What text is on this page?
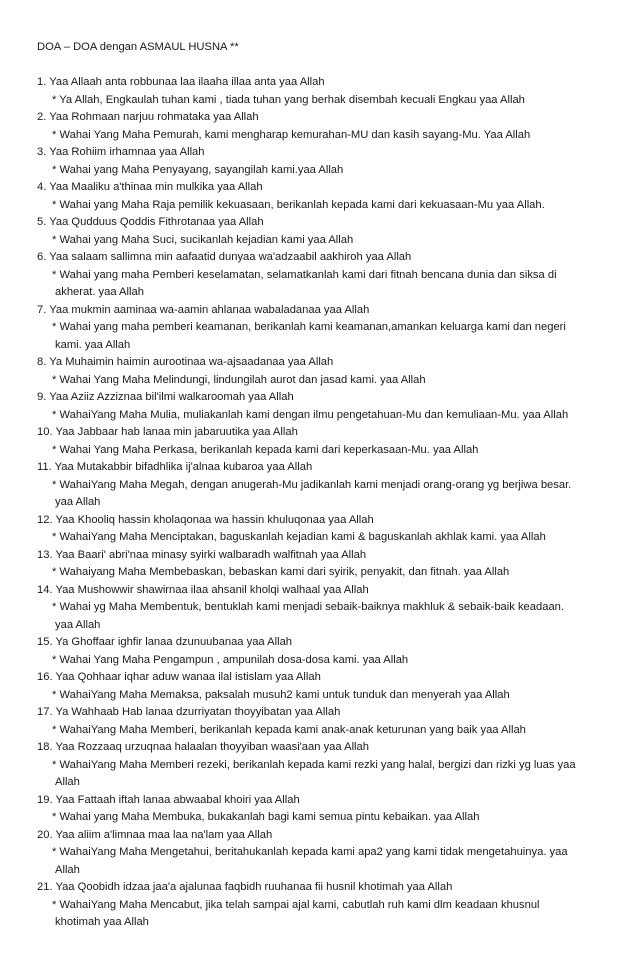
DOA – DOA dengan ASMAUL HUSNA **
1. Yaa Allaah anta robbunaa laa ilaaha illaa anta yaa Allah
* Ya Allah, Engkaulah tuhan kami , tiada tuhan yang berhak disembah kecuali Engkau yaa Allah
2. Yaa Rohmaan narjuu rohmataka yaa Allah
* Wahai Yang Maha Pemurah, kami mengharap kemurahan-MU dan kasih sayang-Mu. Yaa Allah
3. Yaa Rohiim irhamnaa yaa Allah
* Wahai yang Maha Penyayang, sayangilah kami.yaa Allah
4. Yaa Maaliku a'thinaa min mulkika yaa Allah
* Wahai yang Maha Raja pemilik kekuasaan, berikanlah kepada kami dari kekuasaan-Mu yaa Allah.
5. Yaa Qudduus Qoddis Fithrotanaa yaa Allah
* Wahai yang Maha Suci, sucikanlah kejadian kami yaa Allah
6. Yaa salaam sallimna min aafaatid dunyaa wa'adzaabil aakhiroh yaa Allah
* Wahai yang maha Pemberi keselamatan, selamatkanlah kami dari fitnah bencana dunia dan siksa di
akherat. yaa Allah
7. Yaa mukmin aaminaa wa-aamin ahlanaa wabaladanaa yaa Allah
* Wahai yang maha pemberi keamanan, berikanlah kami keamanan,amankan keluarga kami dan negeri
kami. yaa Allah
8. Ya Muhaimin haimin aurootinaa wa-ajsaadanaa yaa Allah
* Wahai Yang Maha Melindungi, lindungilah aurot dan jasad kami. yaa Allah
9. Yaa Aziiz Azziznaa bil'ilmi walkaroomah yaa Allah
* WahaiYang Maha Mulia, muliakanlah kami dengan ilmu pengetahuan-Mu dan kemuliaan-Mu. yaa Allah
10. Yaa Jabbaar hab lanaa min jabaruutika yaa Allah
* Wahai Yang Maha Perkasa, berikanlah kepada kami dari keperkasaan-Mu. yaa Allah
11. Yaa Mutakabbir bifadhlika ij'alnaa kubaroa yaa Allah
* WahaiYang Maha Megah, dengan anugerah-Mu jadikanlah kami menjadi orang-orang yg berjiwa besar.
yaa Allah
12. Yaa Khooliq hassin kholaqonaa wa hassin khuluqonaa yaa Allah
* WahaiYang Maha Menciptakan, baguskanlah kejadian kami & baguskanlah akhlak kami. yaa Allah
13. Yaa Baari' abri'naa minasy syirki walbaradh walfitnah yaa Allah
* Wahaiyang Maha Membebaskan, bebaskan kami dari syirik, penyakit, dan fitnah. yaa Allah
14. Yaa Mushowwir shawirnaa ilaa ahsanil kholqi walhaal yaa Allah
* Wahai yg Maha Membentuk, bentuklah kami menjadi sebaik-baiknya makhluk & sebaik-baik keadaan.
yaa Allah
15. Ya Ghoffaar ighfir lanaa dzunuubanaa yaa Allah
* Wahai Yang Maha Pengampun , ampunilah dosa-dosa kami. yaa Allah
16. Yaa Qohhaar iqhar aduw wanaa ilal istislam yaa Allah
* WahaiYang Maha Memaksa, paksalah musuh2 kami untuk tunduk dan menyerah yaa Allah
17. Ya Wahhaab Hab lanaa dzurriyatan thoyyibatan yaa Allah
* WahaiYang Maha Memberi, berikanlah kepada kami anak-anak keturunan yang baik yaa Allah
18. Yaa Rozzaaq urzuqnaa halaalan thoyyiban waasi'aan yaa Allah
* WahaiYang Maha Memberi rezeki, berikanlah kepada kami rezki yang halal, bergizi dan rizki yg luas yaa
Allah
19. Yaa Fattaah iftah lanaa abwaabal khoiri yaa Allah
* Wahai yang Maha Membuka, bukakanlah bagi kami semua pintu kebaikan. yaa Allah
20. Yaa aliim a'limnaa maa laa na'lam yaa Allah
* WahaiYang Maha Mengetahui, beritahukanlah kepada kami apa2 yang kami tidak mengetahuinya. yaa
Allah
21. Yaa Qoobidh idzaa jaa'a ajalunaa faqbidh ruuhanaa fii husnil khotimah yaa Allah
* WahaiYang Maha Mencabut, jika telah sampai ajal kami, cabutlah ruh kami dlm keadaan khusnul
khotimah yaa Allah
